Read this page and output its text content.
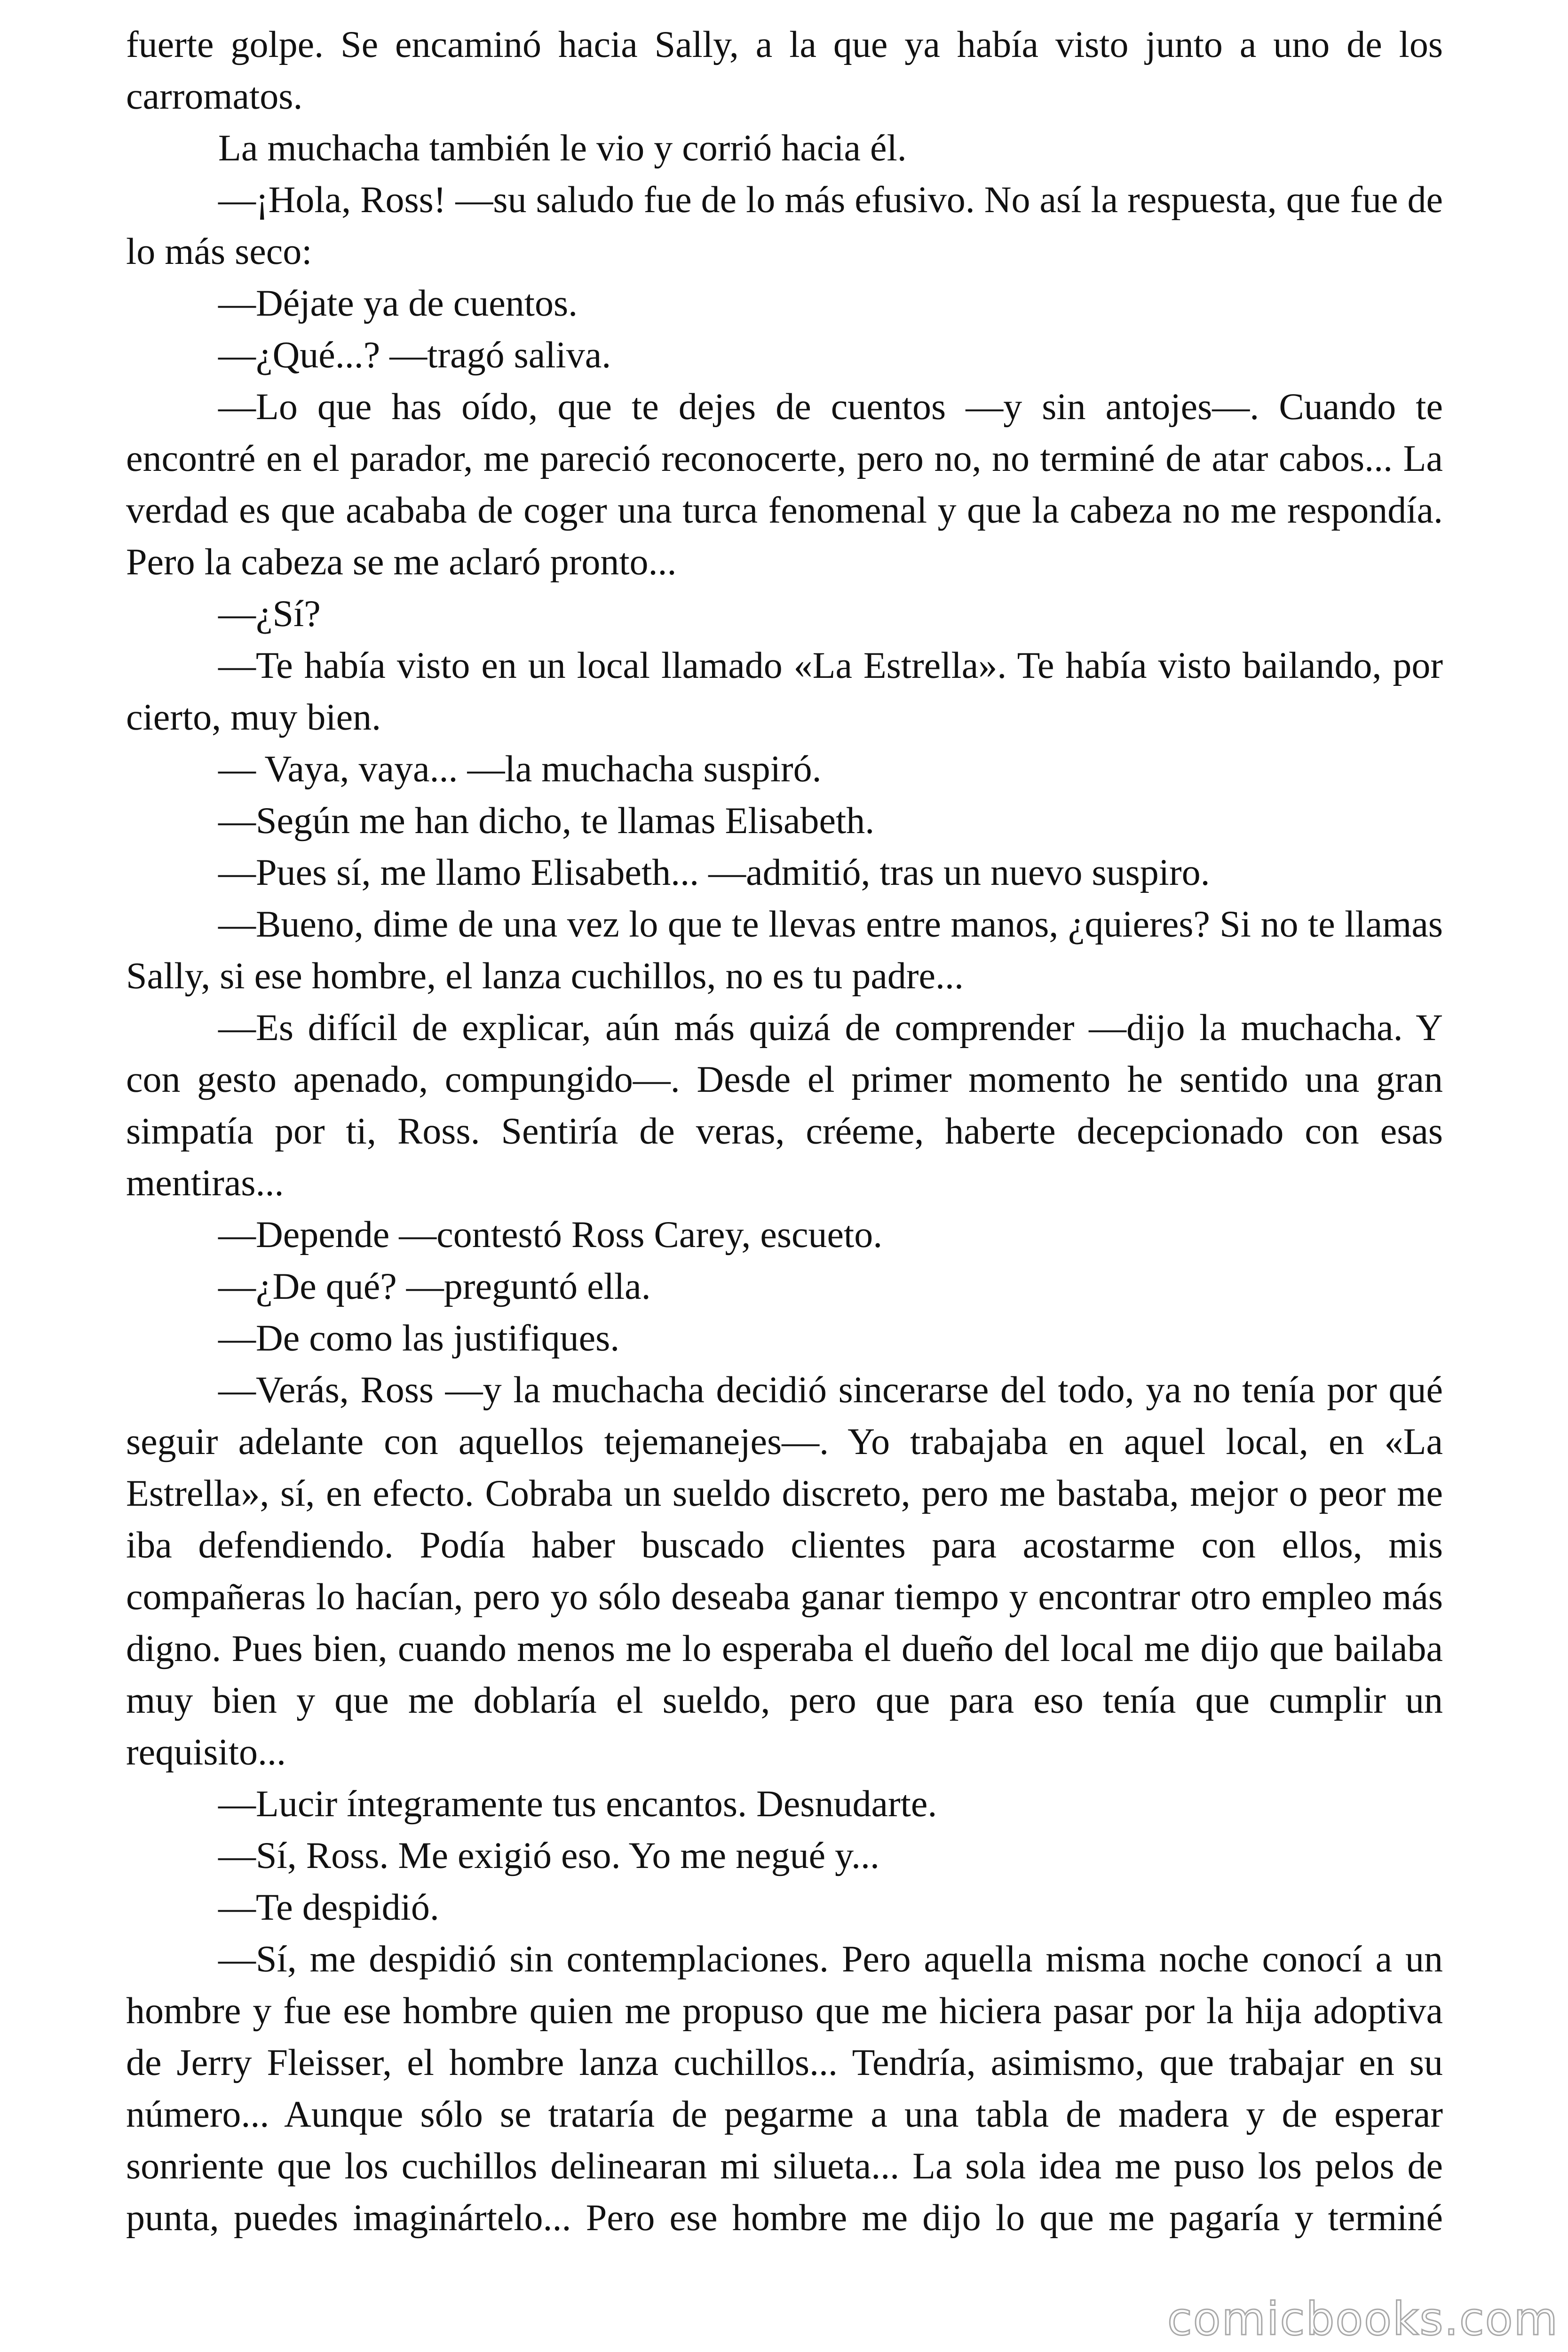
fuerte golpe. Se encaminó hacia Sally, a la que ya había visto junto a uno de los carromatos.

La muchacha también le vio y corrió hacia él.

—¡Hola, Ross! —su saludo fue de lo más efusivo. No así la respuesta, que fue de lo más seco:

—Déjate ya de cuentos.

—¿Qué...? —tragó saliva.

—Lo que has oído, que te dejes de cuentos —y sin antojes—. Cuando te encontré en el parador, me pareció reconocerte, pero no, no terminé de atar cabos... La verdad es que acababa de coger una turca fenomenal y que la cabeza no me respondía. Pero la cabeza se me aclaró pronto...

—¿Sí?

—Te había visto en un local llamado «La Estrella». Te había visto bailando, por cierto, muy bien.

— Vaya, vaya... —la muchacha suspiró.

—Según me han dicho, te llamas Elisabeth.

—Pues sí, me llamo Elisabeth... —admitió, tras un nuevo suspiro.

—Bueno, dime de una vez lo que te llevas entre manos, ¿quieres? Si no te llamas Sally, si ese hombre, el lanza cuchillos, no es tu padre...

—Es difícil de explicar, aún más quizá de comprender —dijo la muchacha. Y con gesto apenado, compungido—. Desde el primer momento he sentido una gran simpatía por ti, Ross. Sentiría de veras, créeme, haberte decepcionado con esas mentiras...

—Depende —contestó Ross Carey, escueto.

—¿De qué? —preguntó ella.

—De como las justifiques.

—Verás, Ross —y la muchacha decidió sincerarse del todo, ya no tenía por qué seguir adelante con aquellos tejemanejes—. Yo trabajaba en aquel local, en «La Estrella», sí, en efecto. Cobraba un sueldo discreto, pero me bastaba, mejor o peor me iba defendiendo. Podía haber buscado clientes para acostarme con ellos, mis compañeras lo hacían, pero yo sólo deseaba ganar tiempo y encontrar otro empleo más digno. Pues bien, cuando menos me lo esperaba el dueño del local me dijo que bailaba muy bien y que me doblaría el sueldo, pero que para eso tenía que cumplir un requisito...

—Lucir íntegramente tus encantos. Desnudarte.

—Sí, Ross. Me exigió eso. Yo me negué y...

—Te despidió.

—Sí, me despidió sin contemplaciones. Pero aquella misma noche conocí a un hombre y fue ese hombre quien me propuso que me hiciera pasar por la hija adoptiva de Jerry Fleisser, el hombre lanza cuchillos... Tendría, asimismo, que trabajar en su número... Aunque sólo se trataría de pegarme a una tabla de madera y de esperar sonriente que los cuchillos delinearan mi silueta... La sola idea me puso los pelos de punta, puedes imaginártelo... Pero ese hombre me dijo lo que me pagaría y terminé

comicbooks.com
